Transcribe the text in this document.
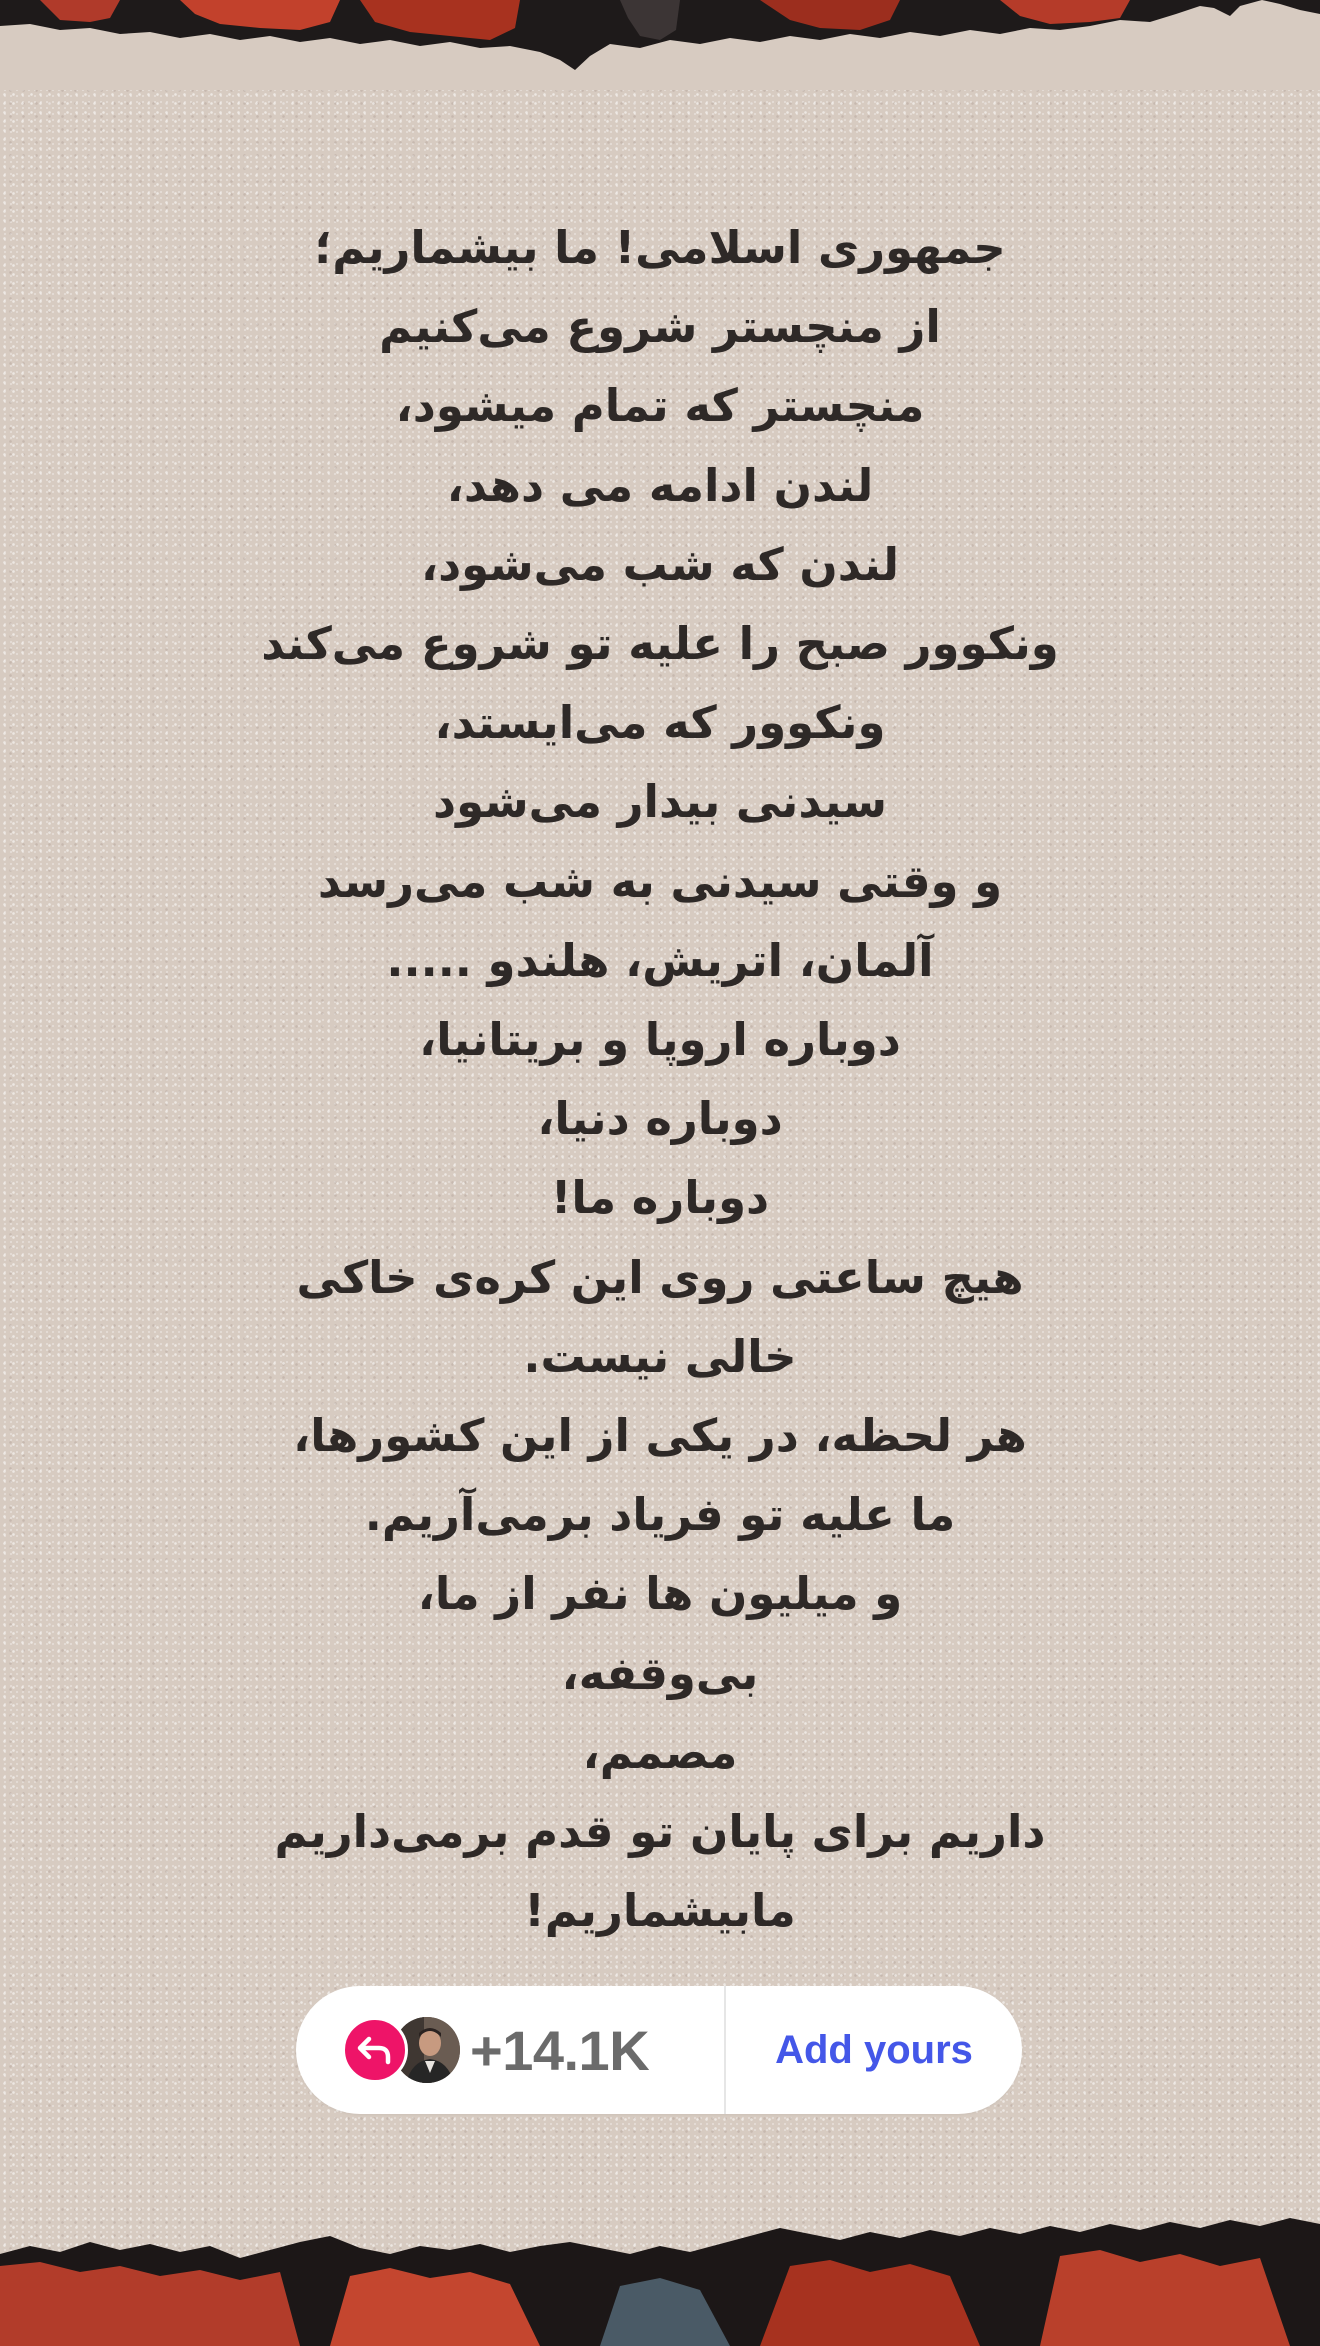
جمهوری اسلامی! ما بیشماریم؛
از منچستر شروع می‌کنیم
منچستر که تمام میشود،
لندن ادامه می دهد،
لندن که شب می‌شود،
ونکوور صبح را علیه تو شروع می‌کند
ونکوور که می‌ایستد،
سیدنی بیدار می‌شود
و وقتی سیدنی به شب می‌رسد
آلمان، اتریش، هلندو .....
دوباره اروپا و بریتانیا،
دوباره دنیا،
دوباره ما!
هیچ ساعتی روی این کره‌ی خاکی
خالی نیست.
هر لحظه، در یکی از این کشورها،
ما علیه تو فریاد برمی‌آریم.
و میلیون ها نفر از ما،
بی‌وقفه،
مصمم،
داریم برای پایان تو قدم برمی‌داریم
مابیشماریم!
+14.1K	Add yours
